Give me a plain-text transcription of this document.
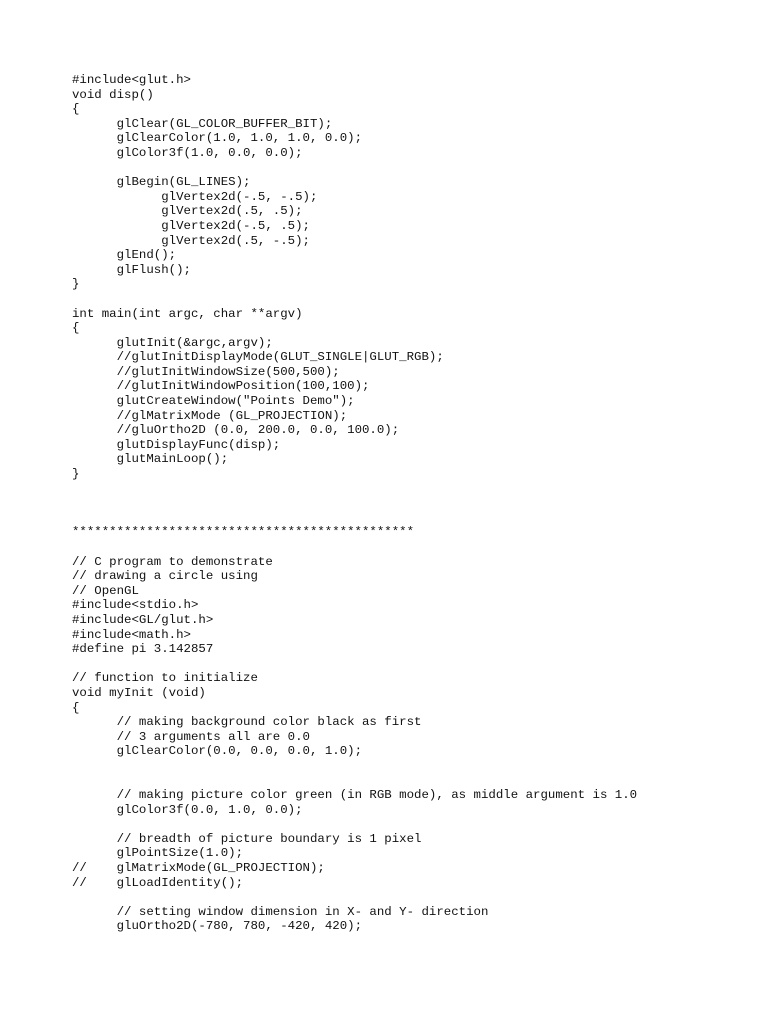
#include<glut.h>
void disp()
{
	glClear(GL_COLOR_BUFFER_BIT);
	glClearColor(1.0, 1.0, 1.0, 0.0);
	glColor3f(1.0, 0.0, 0.0);
	glBegin(GL_LINES);
		glVertex2d(-.5, -.5);
		glVertex2d(.5, .5);
		glVertex2d(-.5, .5);
		glVertex2d(.5, -.5);
	glEnd();
	glFlush();
}
int main(int argc, char **argv)
{
	glutInit(&argc,argv);
	//glutInitDisplayMode(GLUT_SINGLE|GLUT_RGB);
	//glutInitWindowSize(500,500);
	//glutInitWindowPosition(100,100);
	glutCreateWindow("Points Demo");
	//glMatrixMode (GL_PROJECTION);
	//gluOrtho2D (0.0, 200.0, 0.0, 100.0);
	glutDisplayFunc(disp);
	glutMainLoop();
}
**********************************************
// C program to demonstrate
// drawing a circle using
// OpenGL
#include<stdio.h>
#include<GL/glut.h>
#include<math.h>
#define pi 3.142857
// function to initialize
void myInit (void)
{
	// making background color black as first
	// 3 arguments all are 0.0
	glClearColor(0.0, 0.0, 0.0, 1.0);
	// making picture color green (in RGB mode), as middle argument is 1.0
	glColor3f(0.0, 1.0, 0.0);
	// breadth of picture boundary is 1 pixel
	glPointSize(1.0);
//	glMatrixMode(GL_PROJECTION);
//	glLoadIdentity();
	// setting window dimension in X- and Y- direction
	gluOrtho2D(-780, 780, -420, 420);
